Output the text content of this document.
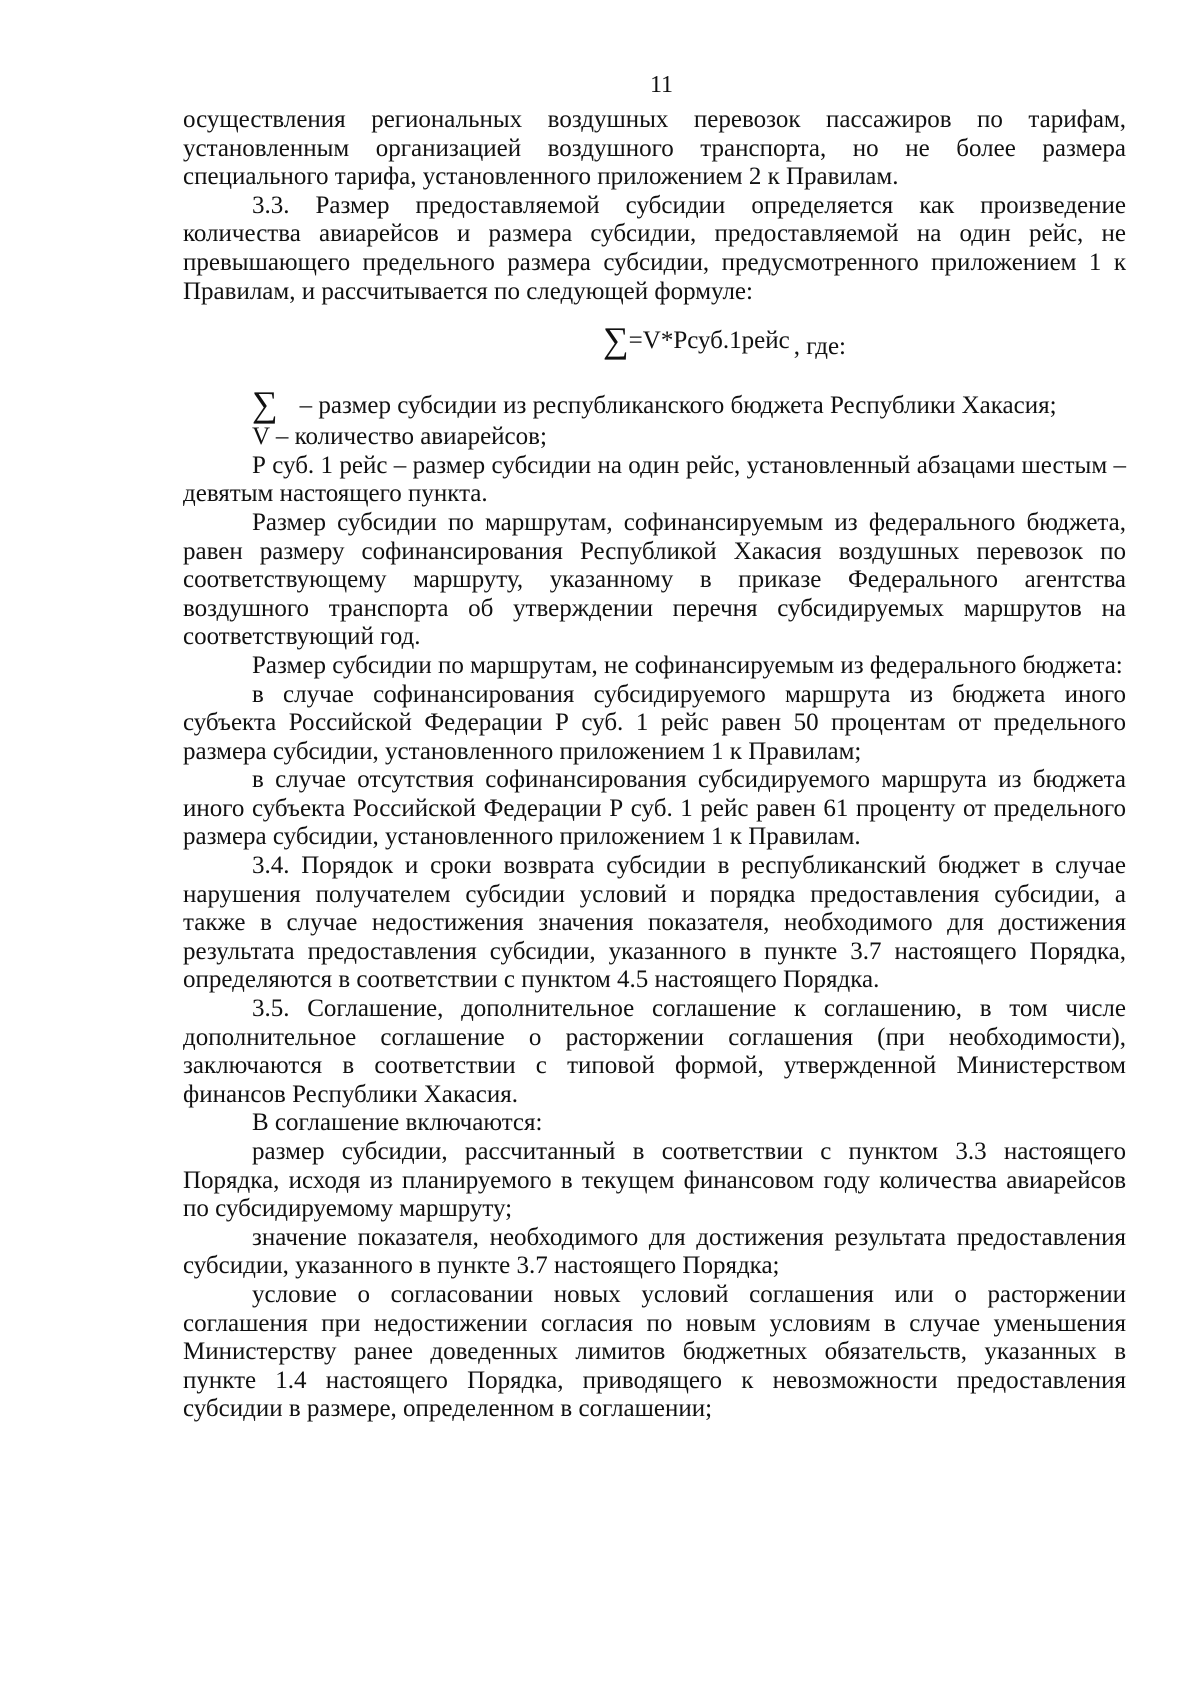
11

осуществления региональных воздушных перевозок пассажиров по тарифам, установленным организацией воздушного транспорта, но не более размера специального тарифа, установленного приложением 2 к Правилам.

3.3. Размер предоставляемой субсидии определяется как произведение количества авиарейсов и размера субсидии, предоставляемой на один рейс, не превышающего предельного размера субсидии, предусмотренного приложением 1 к Правилам, и рассчитывается по следующей формуле:

∑=V*Рсуб.1рейс , где:
∑ – размер субсидии из республиканского бюджета Республики Хакасия;

V – количество авиарейсов;

Р суб. 1 рейс – размер субсидии на один рейс, установленный абзацами шестым – девятым настоящего пункта.

Размер субсидии по маршрутам, софинансируемым из федерального бюджета, равен размеру софинансирования Республикой Хакасия воздушных перевозок по соответствующему маршруту, указанному в приказе Федерального агентства воздушного транспорта об утверждении перечня субсидируемых маршрутов на соответствующий год.

Размер субсидии по маршрутам, не софинансируемым из федерального бюджета:

в случае софинансирования субсидируемого маршрута из бюджета иного субъекта Российской Федерации Р суб. 1 рейс равен 50 процентам от предельного размера субсидии, установленного приложением 1 к Правилам;

в случае отсутствия софинансирования субсидируемого маршрута из бюджета иного субъекта Российской Федерации Р суб. 1 рейс равен 61 проценту от предельного размера субсидии, установленного приложением 1 к Правилам.

3.4. Порядок и сроки возврата субсидии в республиканский бюджет в случае нарушения получателем субсидии условий и порядка предоставления субсидии, а также в случае недостижения значения показателя, необходимого для достижения результата предоставления субсидии, указанного в пункте 3.7 настоящего Порядка, определяются в соответствии с пунктом 4.5 настоящего Порядка.

3.5. Соглашение, дополнительное соглашение к соглашению, в том числе дополнительное соглашение о расторжении соглашения (при необходимости), заключаются в соответствии с типовой формой, утвержденной Министерством финансов Республики Хакасия.

В соглашение включаются:

размер субсидии, рассчитанный в соответствии с пунктом 3.3 настоящего Порядка, исходя из планируемого в текущем финансовом году количества авиарейсов по субсидируемому маршруту;

значение показателя, необходимого для достижения результата предоставления субсидии, указанного в пункте 3.7 настоящего Порядка;

условие о согласовании новых условий соглашения или о расторжении соглашения при недостижении согласия по новым условиям в случае уменьшения Министерству ранее доведенных лимитов бюджетных обязательств, указанных в пункте 1.4 настоящего Порядка, приводящего к невозможности предоставления субсидии в размере, определенном в соглашении;
